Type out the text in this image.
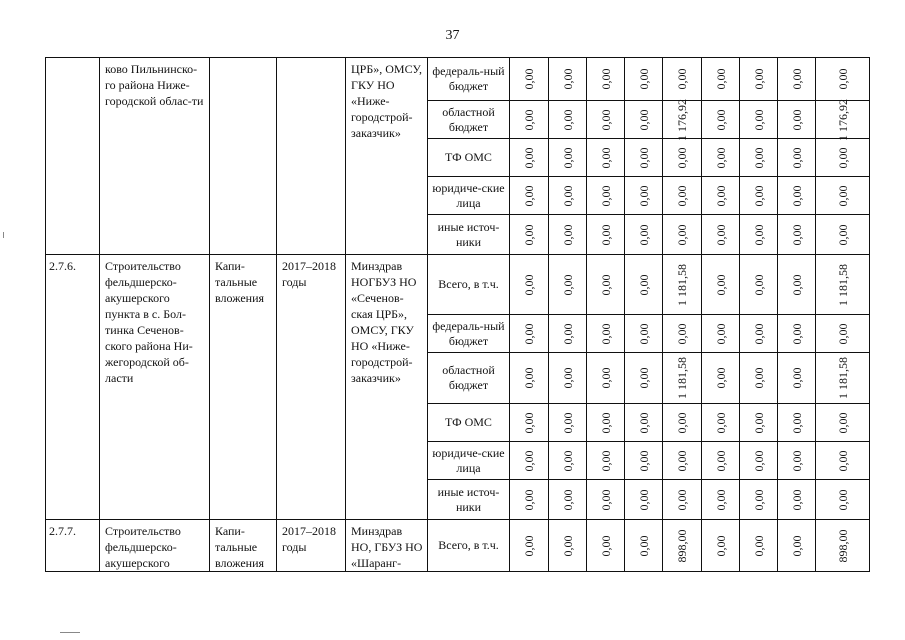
37

	ково Пильнинско-го района Ниже-городской облас-ти			ЦРБ», ОМСУ, ГКУ НО «Ниже-городстрой-заказчик»	федераль-ный бюджет	0,00	0,00	0,00	0,00	0,00	0,00	0,00	0,00	0,00

					областной бюджет	0,00	0,00	0,00	0,00	1 176,92	0,00	0,00	0,00	1 176,92

					ТФ ОМС	0,00	0,00	0,00	0,00	0,00	0,00	0,00	0,00	0,00

					юридиче-ские лица	0,00	0,00	0,00	0,00	0,00	0,00	0,00	0,00	0,00

					иные источ-ники	0,00	0,00	0,00	0,00	0,00	0,00	0,00	0,00	0,00

2.7.6.	Строительство фельдшерско-акушерского пункта в с. Бол-тинка Сеченов-ского района Ни-жегородской об-ласти	Капи-тальные вложения	2017–2018 годы	Минздрав НОГБУЗ НО «Сеченов-ская ЦРБ», ОМСУ, ГКУ НО «Ниже-городстрой-заказчик»	Всего, в т.ч.	0,00	0,00	0,00	0,00	1 181,58	0,00	0,00	0,00	1 181,58

					федераль-ный бюджет	0,00	0,00	0,00	0,00	0,00	0,00	0,00	0,00	0,00

					областной бюджет	0,00	0,00	0,00	0,00	1 181,58	0,00	0,00	0,00	1 181,58

					ТФ ОМС	0,00	0,00	0,00	0,00	0,00	0,00	0,00	0,00	0,00

					юридиче-ские лица	0,00	0,00	0,00	0,00	0,00	0,00	0,00	0,00	0,00

					иные источ-ники	0,00	0,00	0,00	0,00	0,00	0,00	0,00	0,00	0,00

2.7.7.	Строительство фельдшерско-акушерского	Капи-тальные вложения	2017–2018 годы	Минздрав НО, ГБУЗ НО «Шаранг-	Всего, в т.ч.	0,00	0,00	0,00	0,00	898,00	0,00	0,00	0,00	898,00
